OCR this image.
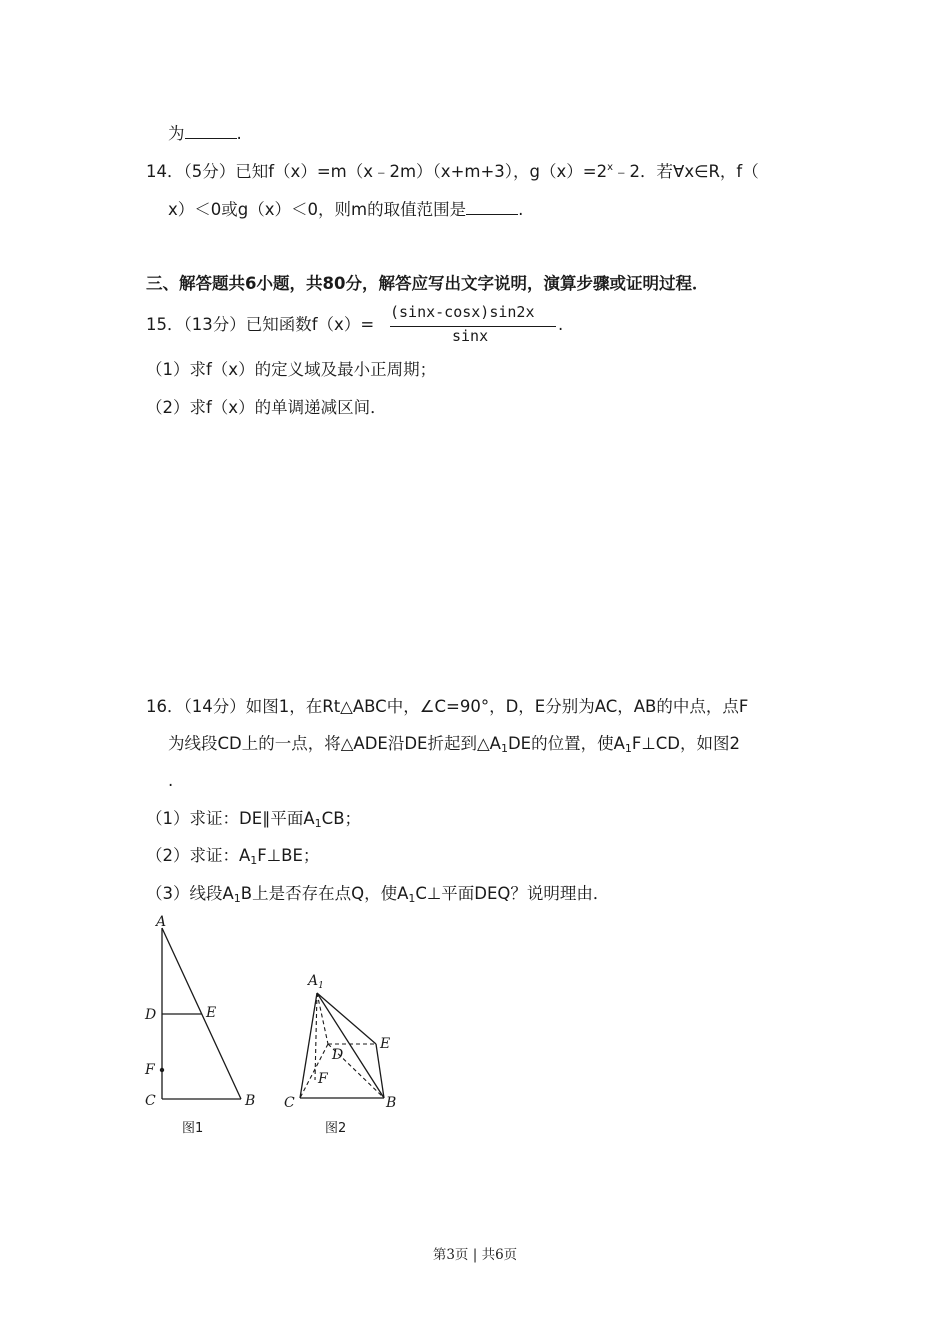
为	.
14．（5分）已知f（x）=m（x﹣2m）（x+m+3），$g(x)=2^x﹣2$．若∀x∈R，f（
x）＜0或g（x）＜0，则m的取值范围是	.
三、解答题共6小题，共80分，解答应写出文字说明，演算步骤或证明过程．
15．（13分）已知函数f（x）=
(sinx-cosx)sin2x
sinx
.
（1）求f（x）的定义域及最小正周期；
（2）求f（x）的单调递减区间．
16．（14分）如图1，在Rt△ABC中，∠C=90°，D，E分别为AC，AB的中点，点F
为线段CD上的一点，将△ADE沿DE折起到$\triangle A_1DE$的位置，使$A_1F\perp CD$，如图2
.
（1）求证：DE∥平面$A_1CB$；
（2）求证：$A_1F\perp BE$；
（3）线段$A_1B$上是否存在点Q，使$A_1C\perp$平面DEQ？说明理由．
A
D	E
F
C	B
图1
$A_1$
D
E
F
C	B
图2
第3页 | 共6页
